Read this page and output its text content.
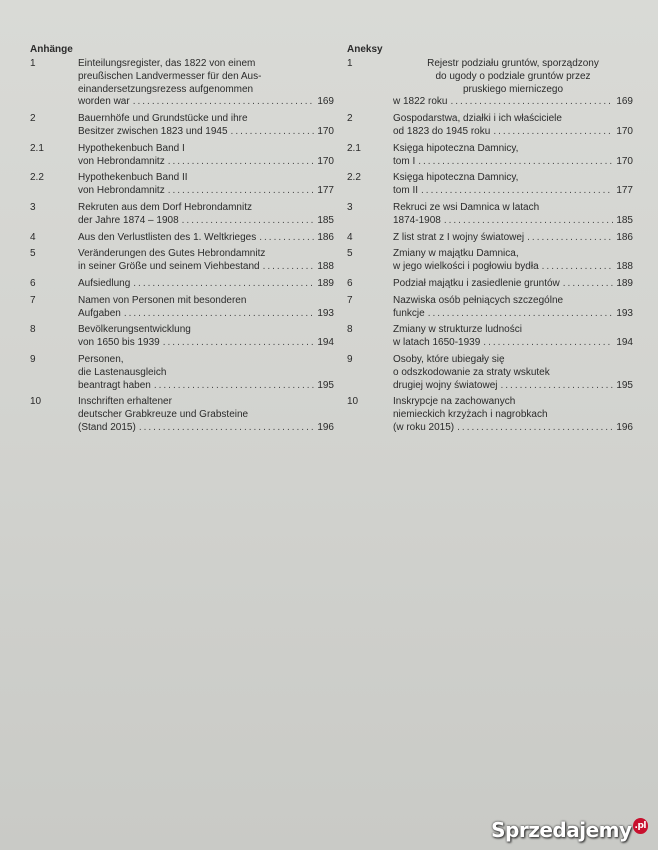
Anhänge
1	Einteilungsregister, das 1822 von einem
preußischen Landvermesser für den Aus-
einandersetzungsrezess aufgenommen
worden war .....	169
2	Bauernhöfe und Grundstücke und ihre
Besitzer zwischen 1823 und 1945 .....	170
2.1	Hypothekenbuch Band I
von Hebrondamnitz .....	170
2.2	Hypothekenbuch Band II
von Hebrondamnitz .....	177
3	Rekruten aus dem Dorf Hebrondamnitz
der Jahre 1874 – 1908 .....	185
4	Aus den Verlustlisten des 1. Weltkrieges .....	186
5	Veränderungen des Gutes Hebrondamnitz
in seiner Größe und seinem Viehbestand .....	188
6	Aufsiedlung .....	189
7	Namen von Personen mit besonderen
Aufgaben .....	193
8	Bevölkerungsentwicklung
von 1650 bis 1939 .....	194
9	Personen,
die Lastenausgleich
beantragt haben .....	195
10	Inschriften erhaltener
deutscher Grabkreuze und Grabsteine
(Stand 2015) .....	196
Aneksy
1	Rejestr podziału gruntów, sporządzony
do ugody o podziale gruntów przez
pruskiego mierniczego
w 1822 roku .....	169
2	Gospodarstwa, działki i ich właściciele
od 1823 do 1945 roku .....	170
2.1	Księga hipoteczna Damnicy,
tom I .....	170
2.2	Księga hipoteczna Damnicy,
tom II .....	177
3	Rekruci ze wsi Damnica w latach
1874-1908 .....	185
4	Z list strat z I wojny światowej .....	186
5	Zmiany w majątku Damnica,
w jego wielkości i pogłowiu bydła .....	188
6	Podział majątku i zasiedlenie gruntów .....	189
7	Nazwiska osób pełniących szczególne
funkcje .....	193
8	Zmiany w strukturze ludności
w latach 1650-1939 .....	194
9	Osoby, które ubiegały się
o odszkodowanie za straty wskutek
drugiej wojny światowej .....	195
10	Inskrypcje na zachowanych
niemieckich krzyżach i nagrobkach
(w roku 2015) .....	196
Sprzedajemy .pl
